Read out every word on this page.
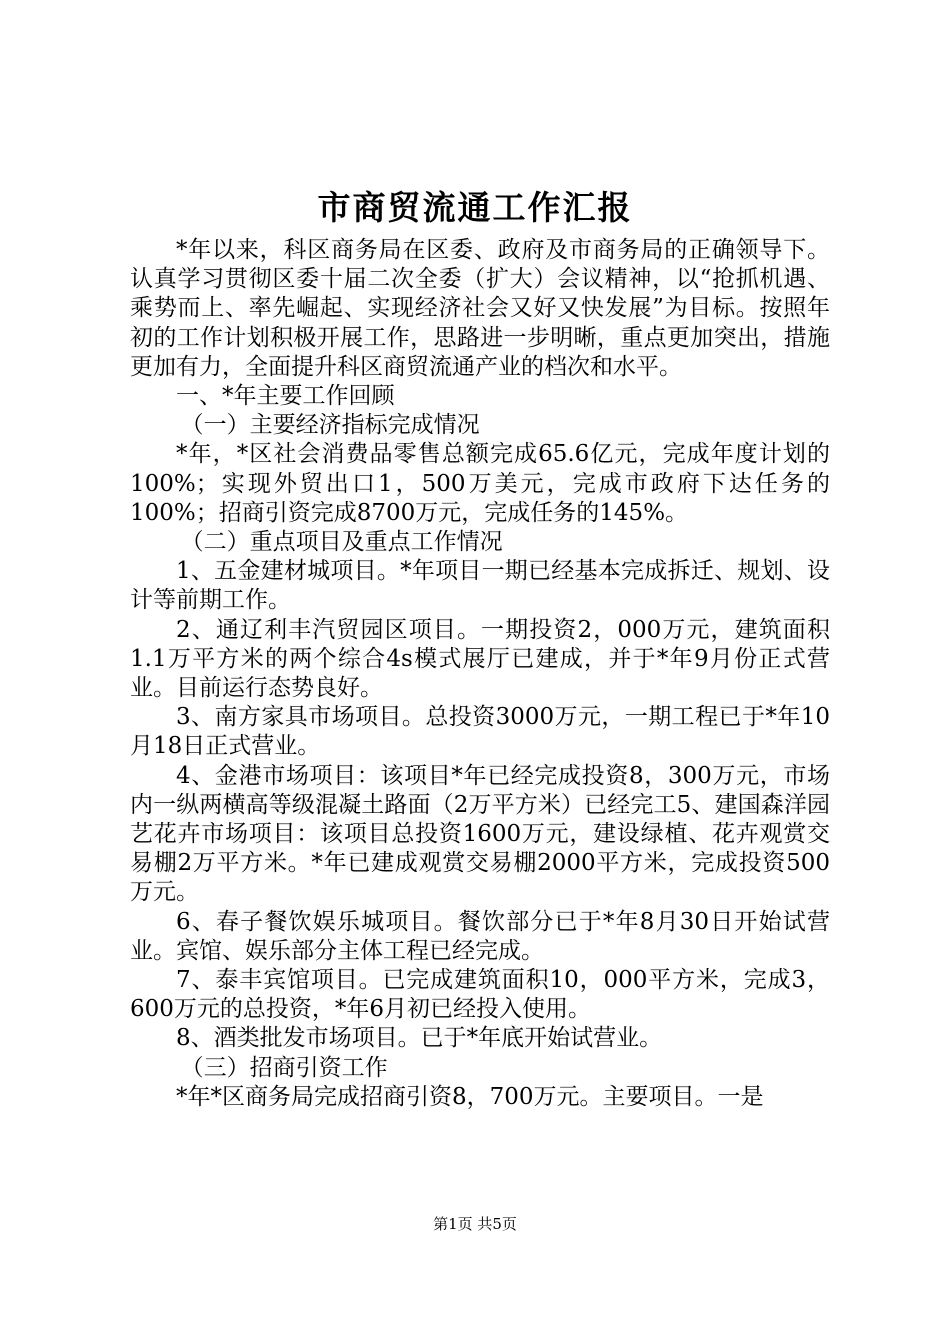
市商贸流通工作汇报

*年以来，科区商务局在区委、政府及市商务局的正确领导下。认真学习贯彻区委十届二次全委（扩大）会议精神，以“抢抓机遇、乘势而上、率先崛起、实现经济社会又好又快发展”为目标。按照年初的工作计划积极开展工作，思路进一步明晰，重点更加突出，措施更加有力，全面提升科区商贸流通产业的档次和水平。

一、*年主要工作回顾

（一）主要经济指标完成情况

*年，*区社会消费品零售总额完成65.6亿元，完成年度计划的100%；实现外贸出口1，500万美元，完成市政府下达任务的100%；招商引资完成8700万元，完成任务的145%。

（二）重点项目及重点工作情况

1、五金建材城项目。*年项目一期已经基本完成拆迁、规划、设计等前期工作。

2、通辽利丰汽贸园区项目。一期投资2，000万元，建筑面积1.1万平方米的两个综合4s模式展厅已建成，并于*年9月份正式营业。目前运行态势良好。

3、南方家具市场项目。总投资3000万元，一期工程已于*年10月18日正式营业。

4、金港市场项目：该项目*年已经完成投资8，300万元，市场内一纵两横高等级混凝土路面（2万平方米）已经完工5、建国森洋园艺花卉市场项目：该项目总投资1600万元，建设绿植、花卉观赏交易棚2万平方米。*年已建成观赏交易棚2000平方米，完成投资500万元。

6、春子餐饮娱乐城项目。餐饮部分已于*年8月30日开始试营业。宾馆、娱乐部分主体工程已经完成。

7、泰丰宾馆项目。已完成建筑面积10，000平方米，完成3，600万元的总投资，*年6月初已经投入使用。

8、酒类批发市场项目。已于*年底开始试营业。

（三）招商引资工作

*年*区商务局完成招商引资8，700万元。主要项目。一是

第1页 共5页
